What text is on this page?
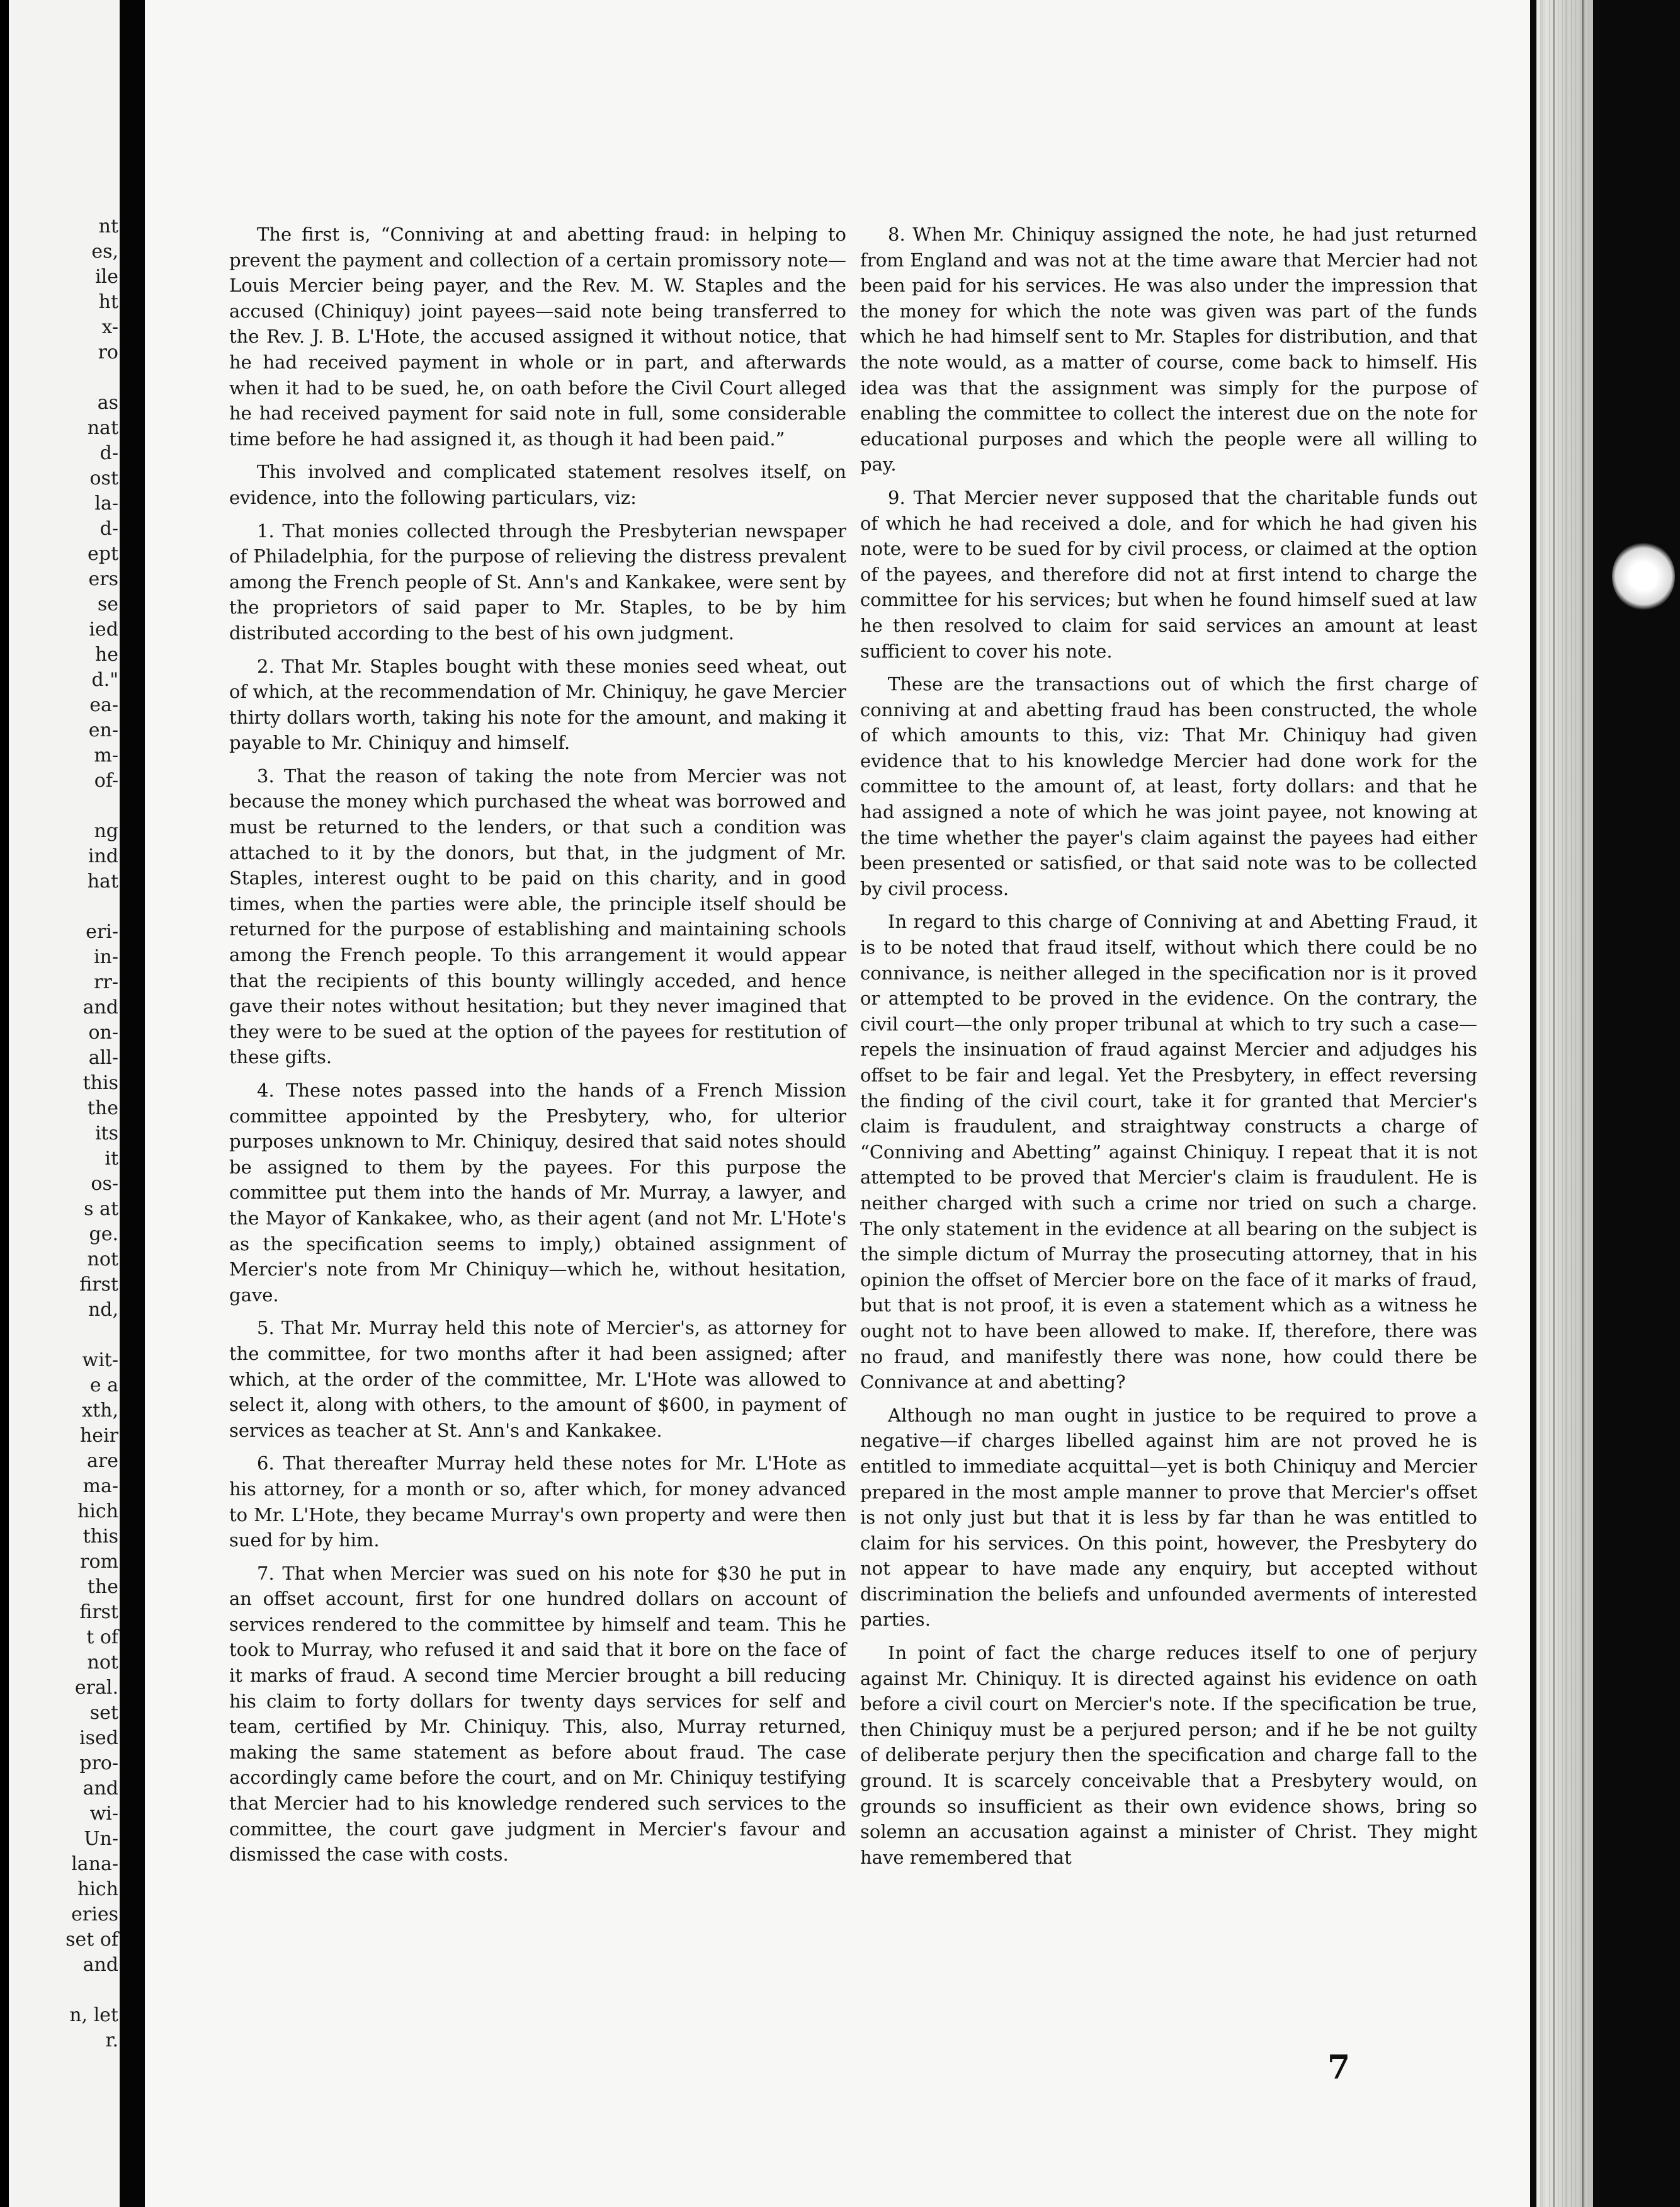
nt
es,
ile
ht
x-
ro
as
nat
d-
ost
la-
d-
ept
ers
se
ied
he
d."
ea-
en-
m-
of-
ng
ind
hat
eri-
in-
rr-
and
on-
all-
this
the
its
it
os-
s at
ge.
not
first
nd,
wit-
e a
xth,
heir
are
ma-
hich
this
rom
the
first
t of
not
eral.
set
ised
pro-
and
wi-
Un-
lana-
hich
eries
set of
and
n, let
r.

The first is, “Conniving at and abetting fraud: in helping to prevent the payment and collection of a certain promissory note—Louis Mercier being payer, and the Rev. M. W. Staples and the accused (Chiniquy) joint payees—said note being transferred to the Rev. J. B. L'Hote, the accused assigned it without notice, that he had received payment in whole or in part, and afterwards when it had to be sued, he, on oath before the Civil Court alleged he had received payment for said note in full, some considerable time before he had assigned it, as though it had been paid.”

This involved and complicated statement resolves itself, on evidence, into the following particulars, viz:

1. That monies collected through the Presbyterian newspaper of Philadelphia, for the purpose of relieving the distress prevalent among the French people of St. Ann's and Kankakee, were sent by the proprietors of said paper to Mr. Staples, to be by him distributed according to the best of his own judgment.

2. That Mr. Staples bought with these monies seed wheat, out of which, at the recommendation of Mr. Chiniquy, he gave Mercier thirty dollars worth, taking his note for the amount, and making it payable to Mr. Chiniquy and himself.

3. That the reason of taking the note from Mercier was not because the money which purchased the wheat was borrowed and must be returned to the lenders, or that such a condition was attached to it by the donors, but that, in the judgment of Mr. Staples, interest ought to be paid on this charity, and in good times, when the parties were able, the principle itself should be returned for the purpose of establishing and maintaining schools among the French people. To this arrangement it would appear that the recipients of this bounty willingly acceded, and hence gave their notes without hesitation; but they never imagined that they were to be sued at the option of the payees for restitution of these gifts.

4. These notes passed into the hands of a French Mission committee appointed by the Presbytery, who, for ulterior purposes unknown to Mr. Chiniquy, desired that said notes should be assigned to them by the payees. For this purpose the committee put them into the hands of Mr. Murray, a lawyer, and the Mayor of Kankakee, who, as their agent (and not Mr. L'Hote's as the specification seems to imply,) obtained assignment of Mercier's note from Mr Chiniquy—which he, without hesitation, gave.

5. That Mr. Murray held this note of Mercier's, as attorney for the committee, for two months after it had been assigned; after which, at the order of the committee, Mr. L'Hote was allowed to select it, along with others, to the amount of $600, in payment of services as teacher at St. Ann's and Kankakee.

6. That thereafter Murray held these notes for Mr. L'Hote as his attorney, for a month or so, after which, for money advanced to Mr. L'Hote, they became Murray's own property and were then sued for by him.

7. That when Mercier was sued on his note for $30 he put in an offset account, first for one hundred dollars on account of services rendered to the committee by himself and team. This he took to Murray, who refused it and said that it bore on the face of it marks of fraud. A second time Mercier brought a bill reducing his claim to forty dollars for twenty days services for self and team, certified by Mr. Chiniquy. This, also, Murray returned, making the same statement as before about fraud. The case accordingly came before the court, and on Mr. Chiniquy testifying that Mercier had to his knowledge rendered such services to the committee, the court gave judgment in Mercier's favour and dismissed the case with costs.

8. When Mr. Chiniquy assigned the note, he had just returned from England and was not at the time aware that Mercier had not been paid for his services. He was also under the impression that the money for which the note was given was part of the funds which he had himself sent to Mr. Staples for distribution, and that the note would, as a matter of course, come back to himself. His idea was that the assignment was simply for the purpose of enabling the committee to collect the interest due on the note for educational purposes and which the people were all willing to pay.

9. That Mercier never supposed that the charitable funds out of which he had received a dole, and for which he had given his note, were to be sued for by civil process, or claimed at the option of the payees, and therefore did not at first intend to charge the committee for his services; but when he found himself sued at law he then resolved to claim for said services an amount at least sufficient to cover his note.

These are the transactions out of which the first charge of conniving at and abetting fraud has been constructed, the whole of which amounts to this, viz: That Mr. Chiniquy had given evidence that to his knowledge Mercier had done work for the committee to the amount of, at least, forty dollars: and that he had assigned a note of which he was joint payee, not knowing at the time whether the payer's claim against the payees had either been presented or satisfied, or that said note was to be collected by civil process.

In regard to this charge of Conniving at and Abetting Fraud, it is to be noted that fraud itself, without which there could be no connivance, is neither alleged in the specification nor is it proved or attempted to be proved in the evidence. On the contrary, the civil court—the only proper tribunal at which to try such a case—repels the insinuation of fraud against Mercier and adjudges his offset to be fair and legal. Yet the Presbytery, in effect reversing the finding of the civil court, take it for granted that Mercier's claim is fraudulent, and straightway constructs a charge of “Conniving and Abetting” against Chiniquy. I repeat that it is not attempted to be proved that Mercier's claim is fraudulent. He is neither charged with such a crime nor tried on such a charge. The only statement in the evidence at all bearing on the subject is the simple dictum of Murray the prosecuting attorney, that in his opinion the offset of Mercier bore on the face of it marks of fraud, but that is not proof, it is even a statement which as a witness he ought not to have been allowed to make. If, therefore, there was no fraud, and manifestly there was none, how could there be Connivance at and abetting?

Although no man ought in justice to be required to prove a negative—if charges libelled against him are not proved he is entitled to immediate acquittal—yet is both Chiniquy and Mercier prepared in the most ample manner to prove that Mercier's offset is not only just but that it is less by far than he was entitled to claim for his services. On this point, however, the Presbytery do not appear to have made any enquiry, but accepted without discrimination the beliefs and unfounded averments of interested parties.

In point of fact the charge reduces itself to one of perjury against Mr. Chiniquy. It is directed against his evidence on oath before a civil court on Mercier's note. If the specification be true, then Chiniquy must be a perjured person; and if he be not guilty of deliberate perjury then the specification and charge fall to the ground. It is scarcely conceivable that a Presbytery would, on grounds so insufficient as their own evidence shows, bring so solemn an accusation against a minister of Christ. They might have remembered that

7
